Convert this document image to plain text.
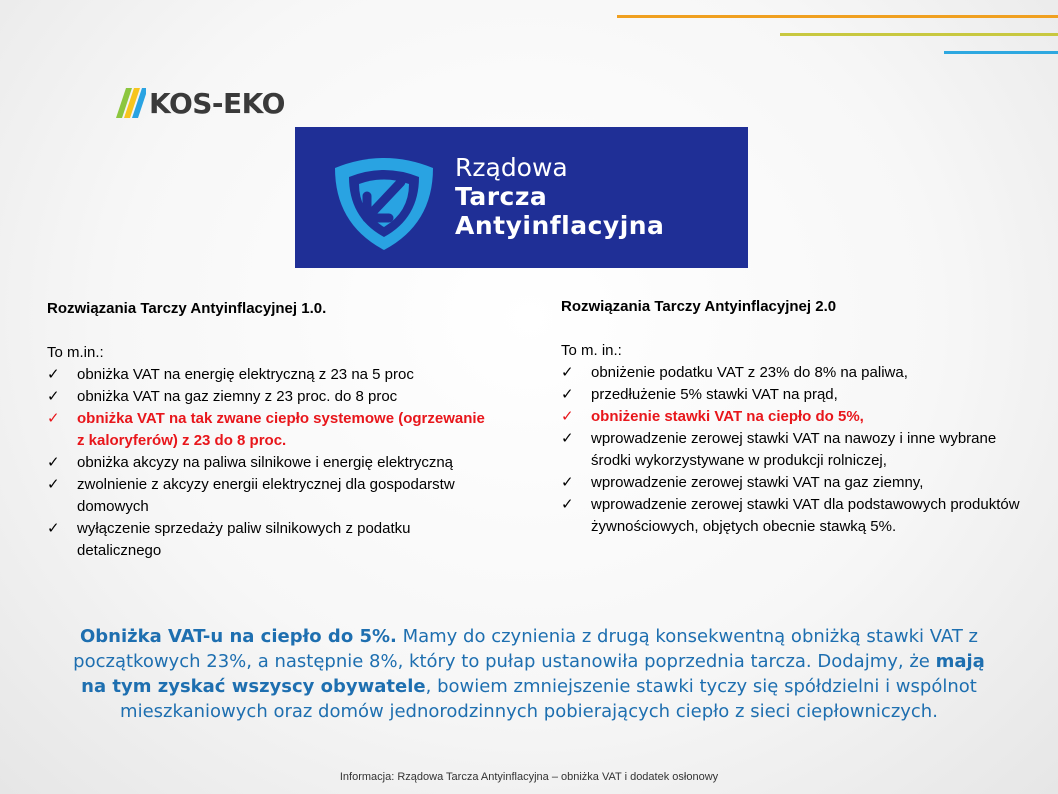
KOS-EKO
Rządowa
Tarcza
Antyinflacyjna
Rozwiązania Tarczy Antyinflacyjnej 1.0.
To m.in.:
✓	obniżka VAT na energię elektryczną z 23 na 5 proc
✓	obniżka VAT na gaz ziemny z 23 proc. do 8 proc
✓	obniżka VAT na tak zwane ciepło systemowe (ogrzewanie z kaloryferów) z 23 do 8 proc.
✓	obniżka akcyzy na paliwa silnikowe i energię elektryczną
✓	zwolnienie z akcyzy energii elektrycznej dla gospodarstw domowych
✓	wyłączenie sprzedaży paliw silnikowych z podatku detalicznego
Rozwiązania Tarczy Antyinflacyjnej 2.0
To m. in.:
✓	obniżenie podatku VAT z 23% do 8% na paliwa,
✓	przedłużenie 5% stawki VAT na prąd,
✓	obniżenie stawki VAT na ciepło do 5%,
✓	wprowadzenie zerowej stawki VAT na nawozy i inne wybrane środki wykorzystywane w produkcji rolniczej,
✓	wprowadzenie zerowej stawki VAT na gaz ziemny,
✓	wprowadzenie zerowej stawki VAT dla podstawowych produktów żywnościowych, objętych obecnie stawką 5%.
Obniżka VAT-u na ciepło do 5%. Mamy do czynienia z drugą konsekwentną obniżką stawki VAT z początkowych 23%, a następnie 8%, który to pułap ustanowiła poprzednia tarcza. Dodajmy, że mają na tym zyskać wszyscy obywatele, bowiem zmniejszenie stawki tyczy się spółdzielni i wspólnot mieszkaniowych oraz domów jednorodzinnych pobierających ciepło z sieci ciepłowniczych.
Informacja: Rządowa Tarcza Antyinflacyjna – obniżka VAT i dodatek osłonowy
